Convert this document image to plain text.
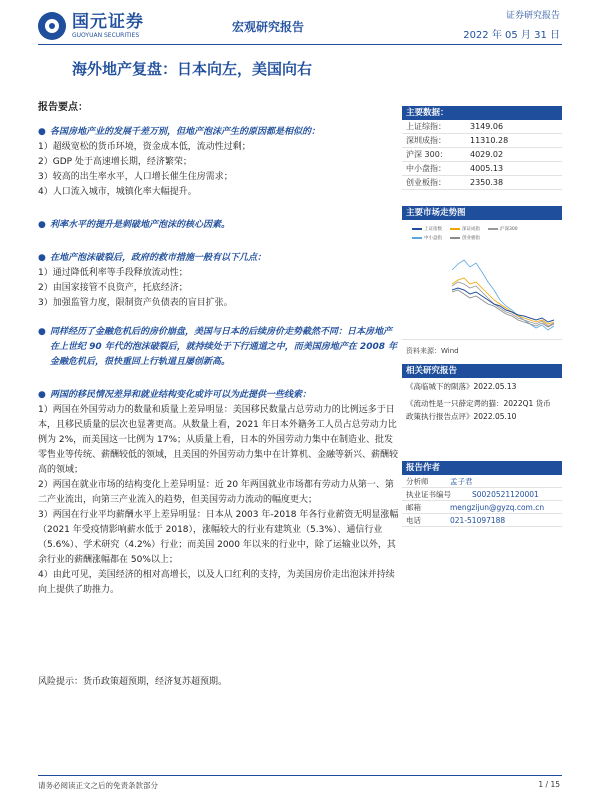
国元证券
GUOYUAN SECURITIES
宏观研究报告
证券研究报告
2022 年 05 月 31 日
海外地产复盘：日本向左，美国向右
报告要点：
● 各国房地产业的发展千差万别，但地产泡沫产生的原因都是相似的：
1）超级宽松的货币环境，资金成本低，流动性过剩；
2）GDP 处于高速增长期，经济繁荣；
3）较高的出生率水平，人口增长催生住房需求；
4）人口流入城市，城镇化率大幅提升。
● 利率水平的提升是刺破地产泡沫的核心因素。
● 在地产泡沫破裂后，政府的救市措施一般有以下几点：
1）通过降低利率等手段释放流动性；
2）由国家接管不良资产，托底经济；
3）加强监管力度，限制资产负债表的盲目扩张。
● 同样经历了金融危机后的房价崩盘，美国与日本的后续房价走势截然不同：日本房地产在上世纪 90 年代的泡沫破裂后，就持续处于下行通道之中，而美国房地产在 2008 年金融危机后，很快重回上行轨道且屡创新高。
● 两国的移民情况差异和就业结构变化或许可以为此提供一些线索：
1）两国在外国劳动力的数量和质量上差异明显：美国移民数量占总劳动力的比例远多于日本，且移民质量的层次也显著更高。从数量上看，2021 年日本外籍务工人员占总劳动力比例为 2%，而美国这一比例为 17%；从质量上看，日本的外国劳动力集中在制造业、批发零售业等传统、薪酬较低的领域，且美国的外国劳动力集中在计算机、金融等新兴、薪酬较高的领域；
2）两国在就业市场的结构变化上差异明显：近 20 年两国就业市场都有劳动力从第一、第二产业流出，向第三产业流入的趋势，但美国劳动力流动的幅度更大；
3）两国在行业平均薪酬水平上差异明显：日本从 2003 年-2018 年各行业薪资无明显涨幅（2021 年受疫情影响薪水低于 2018），涨幅较大的行业有建筑业（5.3%）、通信行业（5.6%）、学术研究（4.2%）行业；而美国 2000 年以来的行业中，除了运输业以外，其余行业的薪酬涨幅都在 50%以上；
4）由此可见，美国经济的相对高增长，以及人口红利的支持，为美国房价走出泡沫并持续向上提供了助推力。
主要数据：
上证综指：	3149.06
深圳成指：	11310.28
沪深 300：	4029.02
中小盘指：	4005.13
创业板指：	2350.38
主要市场走势图
上证指数	深证成指	沪深300
中小盘指	创业板指
资料来源：Wind
相关研究报告
《高临城下的陨落》2022.05.13
《流动性是一只薛定谔的猫：2022Q1 货币政策执行报告点评》2022.05.10
报告作者
分析师	孟子君
执业证书编号	S0020521120001
邮箱	mengzijun@gyzq.com.cn
电话	021-51097188
风险提示：货币政策超预期，经济复苏超预期。
请务必阅读正文之后的免责条款部分	1 / 15
